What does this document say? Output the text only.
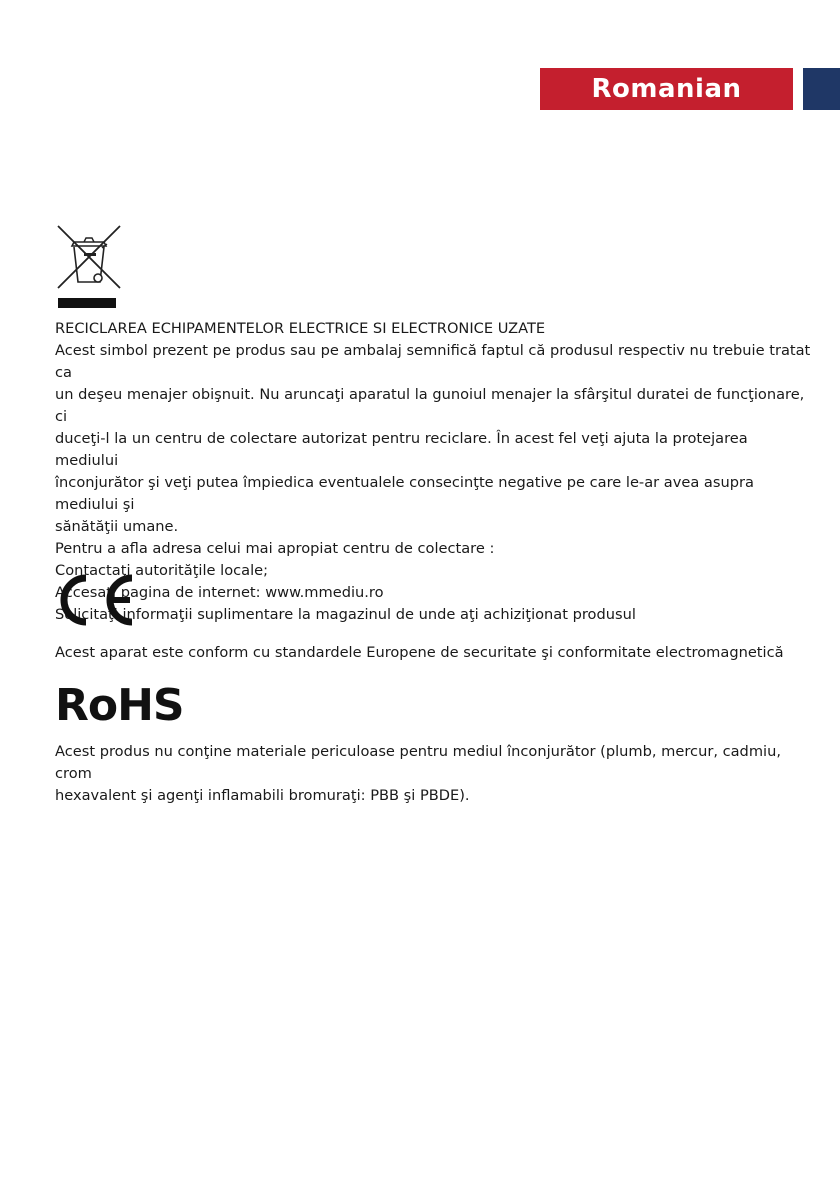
Romanian

RECICLAREA ECHIPAMENTELOR ELECTRICE SI ELECTRONICE UZATE

Acest simbol prezent pe produs sau pe ambalaj semnifică faptul că produsul respectiv nu trebuie tratat ca

un deşeu menajer obişnuit. Nu aruncaţi aparatul la gunoiul menajer la sfârşitul duratei de funcţionare, ci

duceţi-l la un centru de colectare autorizat pentru reciclare. În acest fel veţi ajuta la protejarea mediului

înconjurător şi veţi putea împiedica eventualele consecinţte negative pe care le-ar avea asupra mediului şi

sănătăţii umane.

Pentru a afla adresa celui mai apropiat centru de colectare :

Contactaţi autorităţile locale;

Accesaţi pagina de internet: www.mmediu.ro

Solicitaţi informaţii suplimentare la magazinul de unde aţi achiziţionat produsul

Acest aparat este conform cu standardele Europene de securitate şi conformitate electromagnetică

RoHS

Acest produs nu conţine materiale periculoase pentru mediul înconjurător (plumb, mercur, cadmiu, crom

hexavalent şi agenţi inflamabili bromuraţi: PBB şi PBDE).
